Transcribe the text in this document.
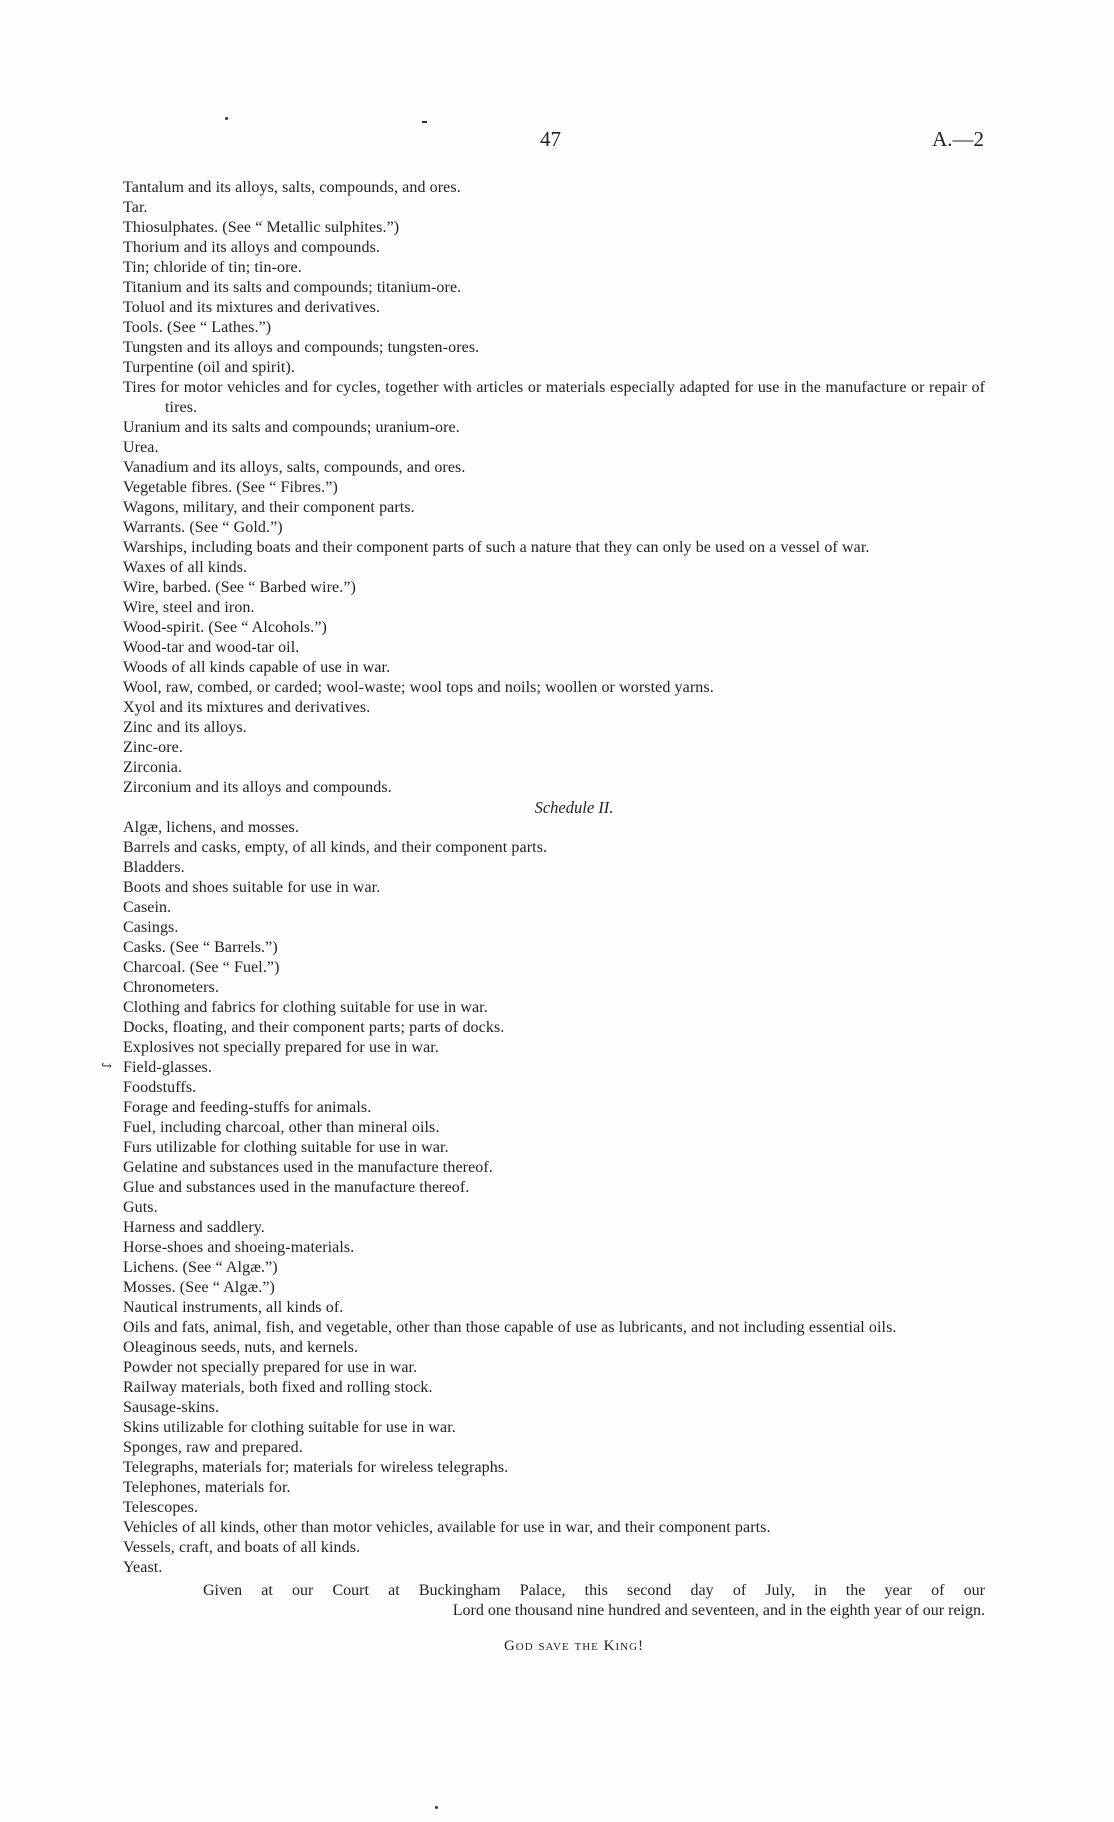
47	A.—2
↪
Tantalum and its alloys, salts, compounds, and ores.
Tar.
Thiosulphates. (See “ Metallic sulphites.”)
Thorium and its alloys and compounds.
Tin; chloride of tin; tin-ore.
Titanium and its salts and compounds; titanium-ore.
Toluol and its mixtures and derivatives.
Tools. (See “ Lathes.”)
Tungsten and its alloys and compounds; tungsten-ores.
Turpentine (oil and spirit).
Tires for motor vehicles and for cycles, together with articles or materials especially adapted for use in the manufacture or repair of tires.
Uranium and its salts and compounds; uranium-ore.
Urea.
Vanadium and its alloys, salts, compounds, and ores.
Vegetable fibres. (See “ Fibres.”)
Wagons, military, and their component parts.
Warrants. (See “ Gold.”)
Warships, including boats and their component parts of such a nature that they can only be used on a vessel of war.
Waxes of all kinds.
Wire, barbed. (See “ Barbed wire.”)
Wire, steel and iron.
Wood-spirit. (See “ Alcohols.”)
Wood-tar and wood-tar oil.
Woods of all kinds capable of use in war.
Wool, raw, combed, or carded; wool-waste; wool tops and noils; woollen or worsted yarns.
Xyol and its mixtures and derivatives.
Zinc and its alloys.
Zinc-ore.
Zirconia.
Zirconium and its alloys and compounds.
Schedule II.
Algæ, lichens, and mosses.
Barrels and casks, empty, of all kinds, and their component parts.
Bladders.
Boots and shoes suitable for use in war.
Casein.
Casings.
Casks. (See “ Barrels.”)
Charcoal. (See “ Fuel.”)
Chronometers.
Clothing and fabrics for clothing suitable for use in war.
Docks, floating, and their component parts; parts of docks.
Explosives not specially prepared for use in war.
Field-glasses.
Foodstuffs.
Forage and feeding-stuffs for animals.
Fuel, including charcoal, other than mineral oils.
Furs utilizable for clothing suitable for use in war.
Gelatine and substances used in the manufacture thereof.
Glue and substances used in the manufacture thereof.
Guts.
Harness and saddlery.
Horse-shoes and shoeing-materials.
Lichens. (See “ Algæ.”)
Mosses. (See “ Algæ.”)
Nautical instruments, all kinds of.
Oils and fats, animal, fish, and vegetable, other than those capable of use as lubricants, and not including essential oils.
Oleaginous seeds, nuts, and kernels.
Powder not specially prepared for use in war.
Railway materials, both fixed and rolling stock.
Sausage-skins.
Skins utilizable for clothing suitable for use in war.
Sponges, raw and prepared.
Telegraphs, materials for; materials for wireless telegraphs.
Telephones, materials for.
Telescopes.
Vehicles of all kinds, other than motor vehicles, available for use in war, and their component parts.
Vessels, craft, and boats of all kinds.
Yeast.
Given at our Court at Buckingham Palace, this second day of July, in the year of our
Lord one thousand nine hundred and seventeen, and in the eighth year of our reign.
God save the King!
